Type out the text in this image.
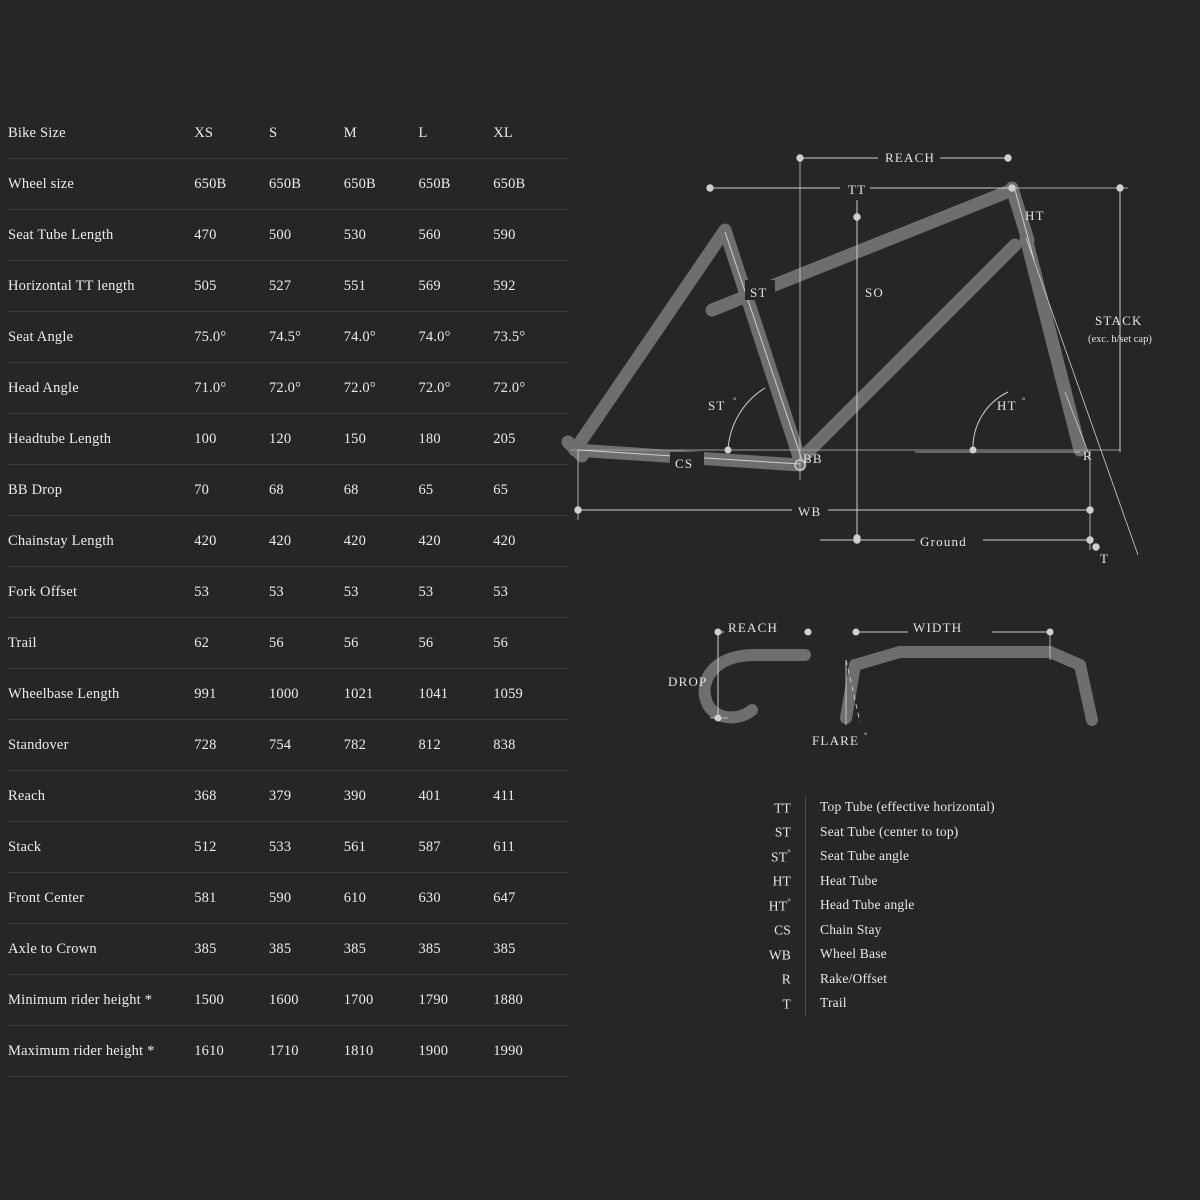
Bike Size	XS	S	M	L	XL
Wheel size	650B	650B	650B	650B	650B
Seat Tube Length	470	500	530	560	590
Horizontal TT length	505	527	551	569	592
Seat Angle	75.0°	74.5°	74.0°	74.0°	73.5°
Head Angle	71.0°	72.0°	72.0°	72.0°	72.0°
Headtube Length	100	120	150	180	205
BB Drop	70	68	68	65	65
Chainstay Length	420	420	420	420	420
Fork Offset	53	53	53	53	53
Trail	62	56	56	56	56
Wheelbase Length	991	1000	1021	1041	1059
Standover	728	754	782	812	838
Reach	368	379	390	401	411
Stack	512	533	561	587	611
Front Center	581	590	610	630	647
Axle to Crown	385	385	385	385	385
Minimum rider height *	1500	1600	1700	1790	1880
Maximum rider height *	1610	1710	1810	1900	1990
REACH
TT
HT
ST	SO
STACK
(exc. h/set cap)
ST °	HT °
CS	BB	R
WB
Ground
T
REACH	WIDTH
DROP
FLARE °
TT	Top Tube (effective horizontal)
ST	Seat Tube (center to top)
ST°	Seat Tube angle
HT	Heat Tube
HT°	Head Tube angle
CS	Chain Stay
WB	Wheel Base
R	Rake/Offset
T	Trail
